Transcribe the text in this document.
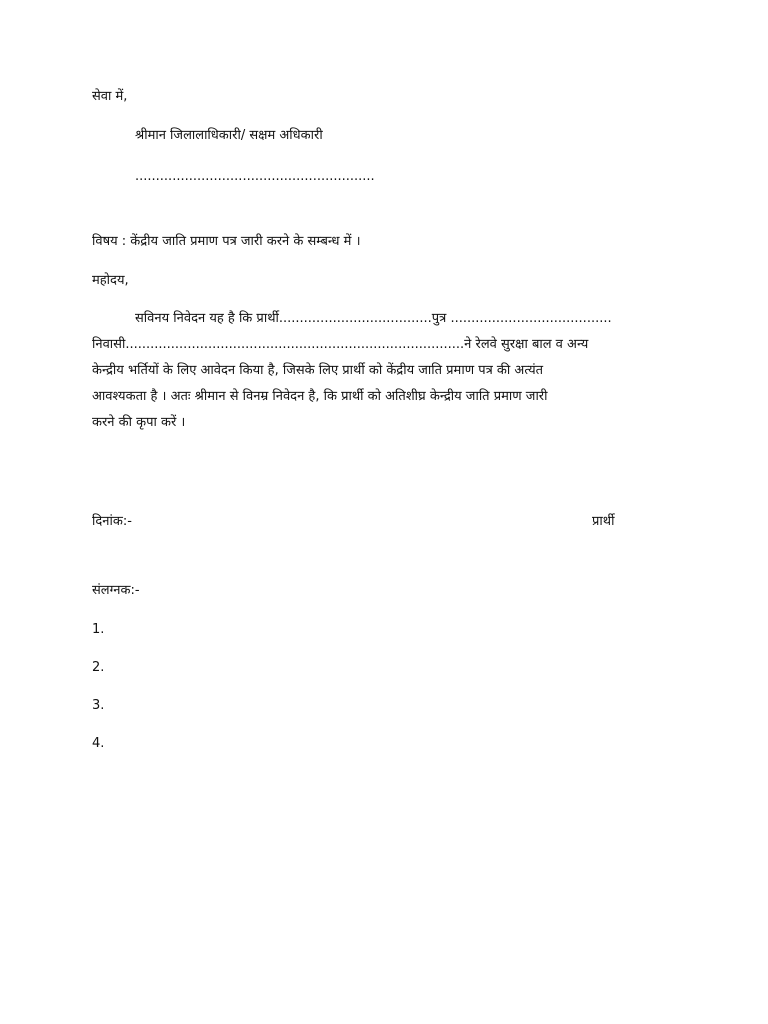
सेवा में,
श्रीमान जिलालाधिकारी/ सक्षम अधिकारी
..........................................................
विषय : केंद्रीय जाति प्रमाण पत्र जारी करने के सम्बन्ध में ।
महोदय,
सविनय निवेदन यह है कि प्रार्थी.....................................पुत्र .......................................
निवासी..................................................................................ने रेलवे सुरक्षा बाल व अन्य
केन्द्रीय भर्तियों के लिए आवेदन किया है, जिसके लिए प्रार्थी को केंद्रीय जाति प्रमाण पत्र की अत्यंत
आवश्यकता है । अतः श्रीमान से विनम्र निवेदन है, कि प्रार्थी को अतिशीघ्र केन्द्रीय जाति प्रमाण जारी
करने की कृपा करें ।
दिनांक:-	प्रार्थी
संलग्नक:-
1.
2.
3.
4.
